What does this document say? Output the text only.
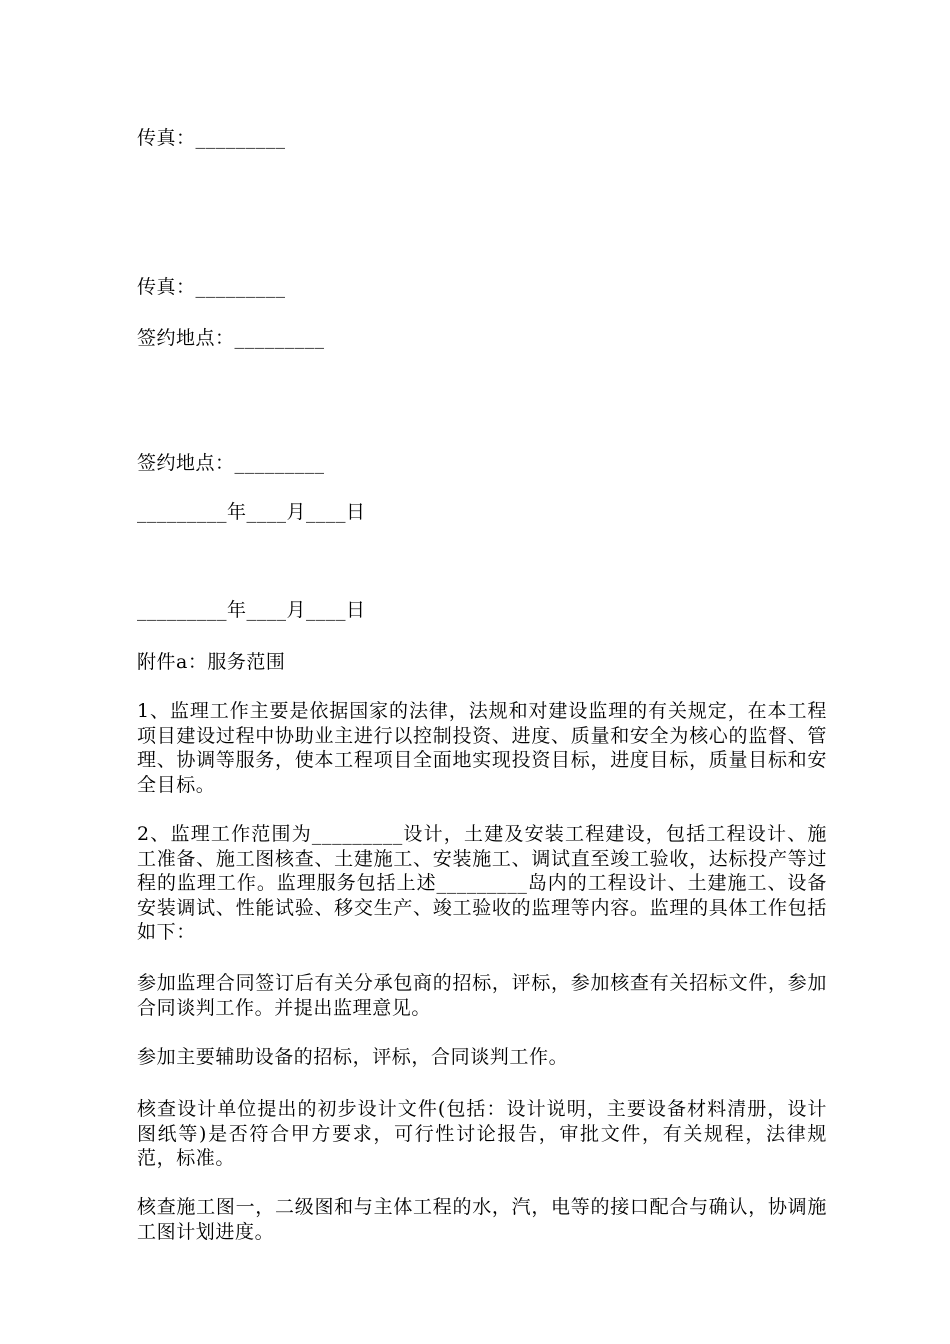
传真：_________
传真：_________
签约地点：_________
签约地点：_________
_________年____月____日
_________年____月____日
附件a：服务范围

1、监理工作主要是依据国家的法律，法规和对建设监理的有关规定，在本工程项目建设过程中协助业主进行以控制投资、进度、质量和安全为核心的监督、管理、协调等服务，使本工程项目全面地实现投资目标，进度目标，质量目标和安全目标。

2、监理工作范围为_________设计，土建及安装工程建设，包括工程设计、施工准备、施工图核查、土建施工、安装施工、调试直至竣工验收，达标投产等过程的监理工作。监理服务包括上述_________岛内的工程设计、土建施工、设备安装调试、性能试验、移交生产、竣工验收的监理等内容。监理的具体工作包括如下：

参加监理合同签订后有关分承包商的招标，评标，参加核查有关招标文件，参加合同谈判工作。并提出监理意见。

参加主要辅助设备的招标，评标，合同谈判工作。

核查设计单位提出的初步设计文件(包括：设计说明，主要设备材料清册，设计图纸等)是否符合甲方要求，可行性讨论报告，审批文件，有关规程，法律规范，标准。

核查施工图一，二级图和与主体工程的水，汽，电等的接口配合与确认，协调施工图计划进度。
